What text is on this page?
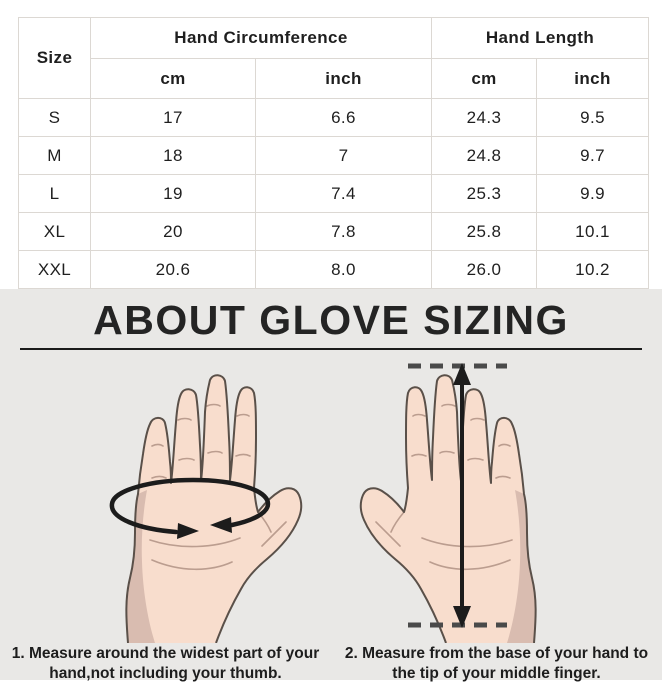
Size	Hand Circumference		Hand Length	
	cm	inch	cm	inch
S	17	6.6	24.3	9.5
M	18	7	24.8	9.7
L	19	7.4	25.3	9.9
XL	20	7.8	25.8	10.1
XXL	20.6	8.0	26.0	10.2
ABOUT GLOVE SIZING
1. Measure around the widest part of your hand,not including your thumb.
2. Measure from the base of your hand to the tip of your middle finger.
